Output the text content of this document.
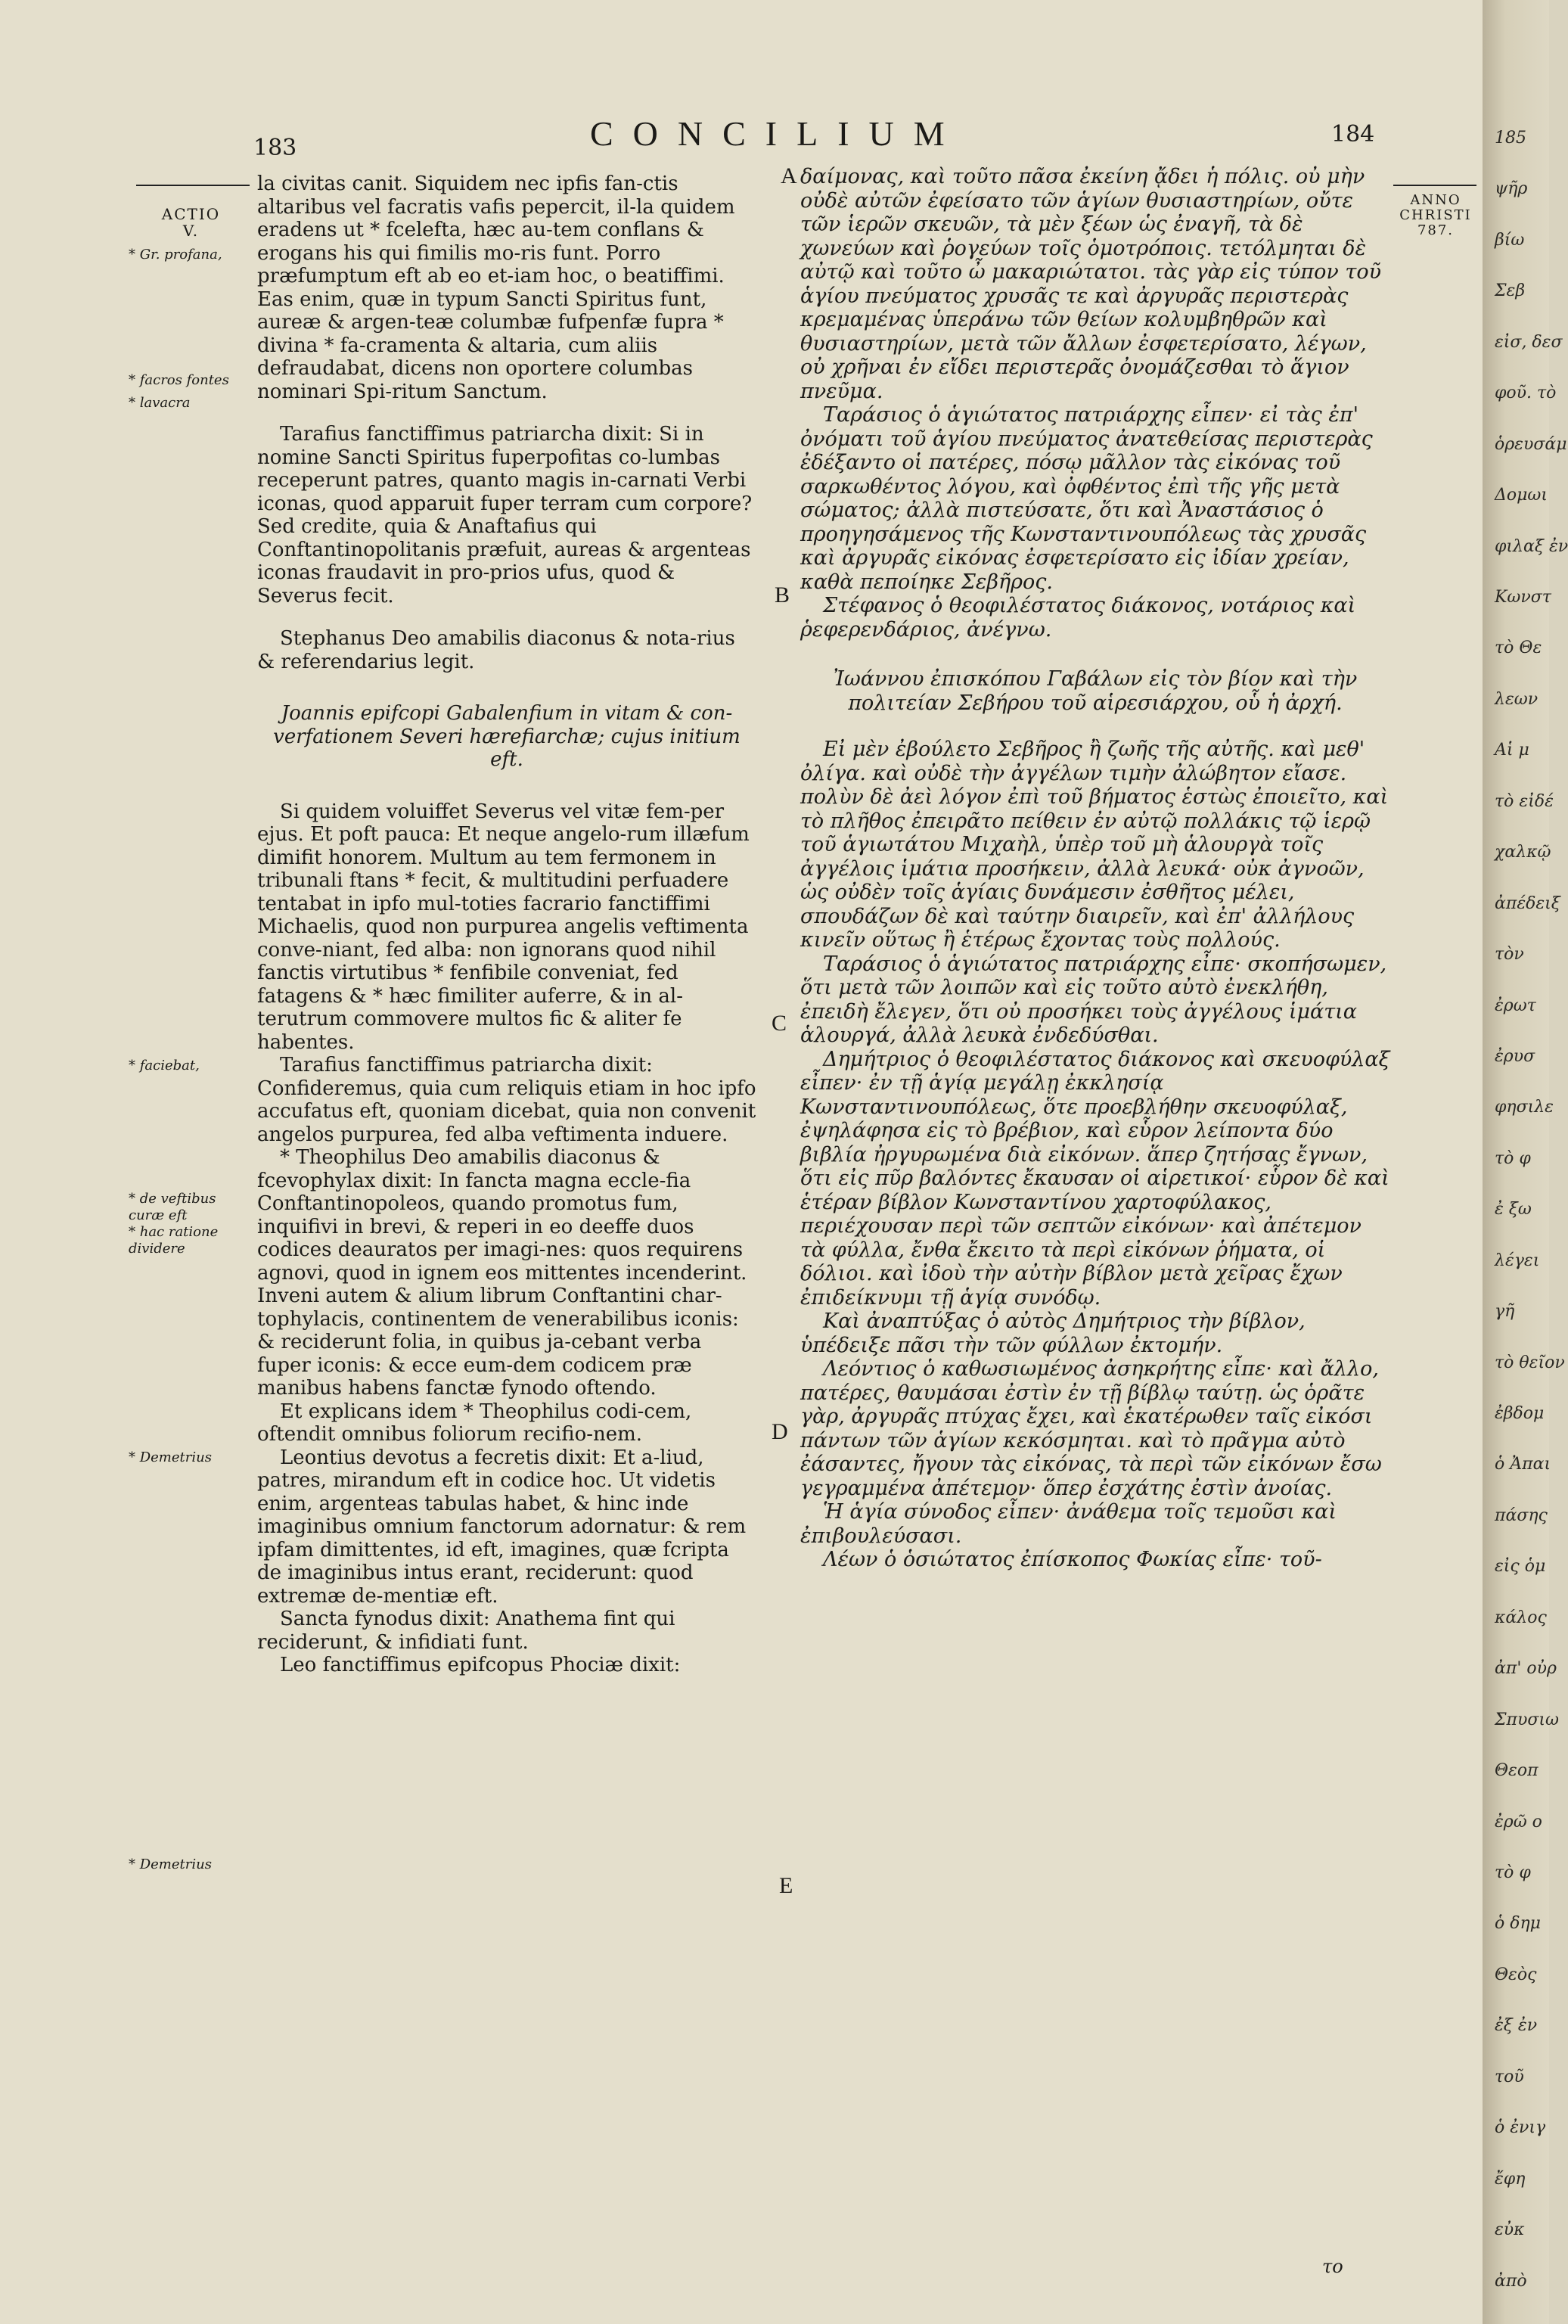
183	CONCILIUM	184
ACTIO
V.
* Gr. profana,
* facros fontes
* lavacra
* faciebat,
* de veftibus curæ eft
* hac ratione dividere
* Demetrius
* Demetrius
ANNO CHRISTI
787.
A
B
C
D
E

la civitas canit. Siquidem nec ipfis fan-ctis altaribus vel facratis vafis pepercit, il-la quidem eradens ut * fcelefta, hæc au-tem conflans & erogans his qui fimilis mo-ris funt. Porro præfumptum eft ab eo et-iam hoc, o beatiffimi. Eas enim, quæ in typum Sancti Spiritus funt, aureæ & argen-teæ columbæ fufpenfæ fupra * divina * fa-cramenta & altaria, cum aliis defraudabat, dicens non oportere columbas nominari Spi-ritum Sanctum.

Tarafius fanctiffimus patriarcha dixit: Si in nomine Sancti Spiritus fuperpofitas co-lumbas receperunt patres, quanto magis in-carnati Verbi iconas, quod apparuit fuper terram cum corpore? Sed credite, quia & Anaftafius qui Conftantinopolitanis præfuit, aureas & argenteas iconas fraudavit in pro-prios ufus, quod & Severus fecit.

Stephanus Deo amabilis diaconus & nota-rius & referendarius legit.

Joannis epifcopi Gabalenfium in vitam & con-verfationem Severi hærefiarchæ; cujus initium eft.

Si quidem voluiffet Severus vel vitæ fem-per ejus. Et poft pauca: Et neque angelo-rum illæfum dimifit honorem. Multum au tem fermonem in tribunali ftans * fecit, & multitudini perfuadere tentabat in ipfo mul-toties facrario fanctiffimi Michaelis, quod non purpurea angelis veftimenta conve-niant, fed alba: non ignorans quod nihil fanctis virtutibus * fenfibile conveniat, fed fatagens & * hæc fimiliter auferre, & in al-terutrum commovere multos fic & aliter fe habentes.

Tarafius fanctiffimus patriarcha dixit: Confideremus, quia cum reliquis etiam in hoc ipfo accufatus eft, quoniam dicebat, quia non convenit angelos purpurea, fed alba veftimenta induere.

* Theophilus Deo amabilis diaconus & fcevophylax dixit: In fancta magna eccle-fia Conftantinopoleos, quando promotus fum, inquifivi in brevi, & reperi in eo deeffe duos codices deauratos per imagi-nes: quos requirens agnovi, quod in ignem eos mittentes incenderint. Inveni autem & alium librum Conftantini char-tophylacis, continentem de venerabilibus iconis: & reciderunt folia, in quibus ja-cebant verba fuper iconis: & ecce eum-dem codicem præ manibus habens fanctæ fynodo oftendo.

Et explicans idem * Theophilus codi-cem, oftendit omnibus foliorum recifio-nem.

Leontius devotus a fecretis dixit: Et a-liud, patres, mirandum eft in codice hoc. Ut videtis enim, argenteas tabulas habet, & hinc inde imaginibus omnium fanctorum adornatur: & rem ipfam dimittentes, id eft, imagines, quæ fcripta de imaginibus intus erant, reciderunt: quod extremæ de-mentiæ eft.

Sancta fynodus dixit: Anathema fint qui reciderunt, & infidiati funt.

Leo fanctiffimus epifcopus Phociæ dixit:

δαίμονας, καὶ τοῦτο πᾶσα ἐκείνη ᾄδει ἡ πόλις. οὐ μὴν οὐδὲ αὐτῶν ἐφείσατο τῶν ἁγίων θυσιαστηρίων, οὔτε τῶν ἱερῶν σκευῶν, τὰ μὲν ξέων ὡς ἐναγῆ, τὰ δὲ χωνεύων καὶ ῥογεύων τοῖς ὁμοτρόποις. τετόλμηται δὲ αὐτῷ καὶ τοῦτο ὦ μακαριώτατοι. τὰς γὰρ εἰς τύπον τοῦ ἁγίου πνεύματος χρυσᾶς τε καὶ ἀργυρᾶς περιστερὰς κρεμαμένας ὑπεράνω τῶν θείων κολυμβηθρῶν καὶ θυσιαστηρίων, μετὰ τῶν ἄλλων ἐσφετερίσατο, λέγων, οὐ χρῆναι ἐν εἴδει περιστερᾶς ὀνομάζεσθαι τὸ ἅγιον πνεῦμα.

Ταράσιος ὁ ἁγιώτατος πατριάρχης εἶπεν· εἰ τὰς ἐπ' ὀνόματι τοῦ ἁγίου πνεύματος ἀνατεθείσας περιστερὰς ἐδέξαντο οἱ πατέρες, πόσῳ μᾶλλον τὰς εἰκόνας τοῦ σαρκωθέντος λόγου, καὶ ὀφθέντος ἐπὶ τῆς γῆς μετὰ σώματος; ἀλλὰ πιστεύσατε, ὅτι καὶ Ἀναστάσιος ὁ προηγησάμενος τῆς Κωνσταντινουπόλεως τὰς χρυσᾶς καὶ ἀργυρᾶς εἰκόνας ἐσφετερίσατο εἰς ἰδίαν χρείαν, καθὰ πεποίηκε Σεβῆρος.

Στέφανος ὁ θεοφιλέστατος διάκονος, νοτάριος καὶ ῥεφερενδάριος, ἀνέγνω.

Ἰωάννου ἐπισκόπου Γαβάλων εἰς τὸν βίον καὶ τὴν πολιτείαν Σεβήρου τοῦ αἱρεσιάρχου, οὗ ἡ ἀρχή.

Εἰ μὲν ἐβούλετο Σεβῆρος ἢ ζωῆς τῆς αὐτῆς. καὶ μεθ' ὀλίγα. καὶ οὐδὲ τὴν ἀγγέλων τιμὴν ἀλώβητον εἴασε. πολὺν δὲ ἀεὶ λόγον ἐπὶ τοῦ βήματος ἑστὼς ἐποιεῖτο, καὶ τὸ πλῆθος ἐπειρᾶτο πείθειν ἐν αὐτῷ πολλάκις τῷ ἱερῷ τοῦ ἁγιωτάτου Μιχαὴλ, ὑπὲρ τοῦ μὴ ἁλουργὰ τοῖς ἀγγέλοις ἱμάτια προσήκειν, ἀλλὰ λευκά· οὐκ ἀγνοῶν, ὡς οὐδὲν τοῖς ἁγίαις δυνάμεσιν ἐσθῆτος μέλει, σπουδάζων δὲ καὶ ταύτην διαιρεῖν, καὶ ἐπ' ἀλλήλους κινεῖν οὕτως ἢ ἑτέρως ἔχοντας τοὺς πολλούς.

Ταράσιος ὁ ἁγιώτατος πατριάρχης εἶπε· σκοπήσωμεν, ὅτι μετὰ τῶν λοιπῶν καὶ εἰς τοῦτο αὐτὸ ἐνεκλήθη, ἐπειδὴ ἔλεγεν, ὅτι οὐ προσήκει τοὺς ἀγγέλους ἱμάτια ἁλουργά, ἀλλὰ λευκὰ ἐνδεδύσθαι.

Δημήτριος ὁ θεοφιλέστατος διάκονος καὶ σκευοφύλαξ εἶπεν· ἐν τῇ ἁγίᾳ μεγάλῃ ἐκκλησίᾳ Κωνσταντινουπόλεως, ὅτε προεβλήθην σκευοφύλαξ, ἐψηλάφησα εἰς τὸ βρέβιον, καὶ εὗρον λείποντα δύο βιβλία ἠργυρωμένα διὰ εἰκόνων. ἅπερ ζητήσας ἔγνων, ὅτι εἰς πῦρ βαλόντες ἔκαυσαν οἱ αἱρετικοί· εὗρον δὲ καὶ ἑτέραν βίβλον Κωνσταντίνου χαρτοφύλακος, περιέχουσαν περὶ τῶν σεπτῶν εἰκόνων· καὶ ἀπέτεμον τὰ φύλλα, ἔνθα ἔκειτο τὰ περὶ εἰκόνων ῥήματα, οἱ δόλιοι. καὶ ἰδοὺ τὴν αὐτὴν βίβλον μετὰ χεῖρας ἔχων ἐπιδείκνυμι τῇ ἁγίᾳ συνόδῳ.

Καὶ ἀναπτύξας ὁ αὐτὸς Δημήτριος τὴν βίβλον, ὑπέδειξε πᾶσι τὴν τῶν φύλλων ἐκτομήν.

Λεόντιος ὁ καθωσιωμένος ἀσηκρήτης εἶπε· καὶ ἄλλο, πατέρες, θαυμάσαι ἐστὶν ἐν τῇ βίβλῳ ταύτῃ. ὡς ὁρᾶτε γὰρ, ἀργυρᾶς πτύχας ἔχει, καὶ ἑκατέρωθεν ταῖς εἰκόσι πάντων τῶν ἁγίων κεκόσμηται. καὶ τὸ πρᾶγμα αὐτὸ ἐάσαντες, ἤγουν τὰς εἰκόνας, τὰ περὶ τῶν εἰκόνων ἔσω γεγραμμένα ἀπέτεμον· ὅπερ ἐσχάτης ἐστὶν ἀνοίας.

Ἡ ἁγία σύνοδος εἶπεν· ἀνάθεμα τοῖς τεμοῦσι καὶ ἐπιβουλεύσασι.

Λέων ὁ ὁσιώτατος ἐπίσκοπος Φωκίας εἶπε· τοῦ-

το
185
ψῆρ
βίω
Σεβ
εἰσ, δεσ
φοῦ. τὸ
ὁρευσάμ
Δομωι
φιλαξ ἐν
Κωνστ
τὸ Θε
λεων
Αἱ μ
τὸ εἰδέ
χαλκῷ
ἀπέδειξ
τὸν
ἐρωτ
ἐρυσ
φησιλε
τὸ φ
ἐ ξω
λέγει
γῆ
τὸ θεῖον
ἐβδομ
ὁ Ἀπαι
πάσης
εἰς ὁμ
κάλος
ἀπ' οὐρ
Σπυσιω
Θεοπ
ἐρῶ ο
τὸ φ
ὁ δημ
Θεὸς
ἐξ ἐν
τοῦ
ὁ ἐνιγ
ἔφη
εὐκ
ἀπὸ
